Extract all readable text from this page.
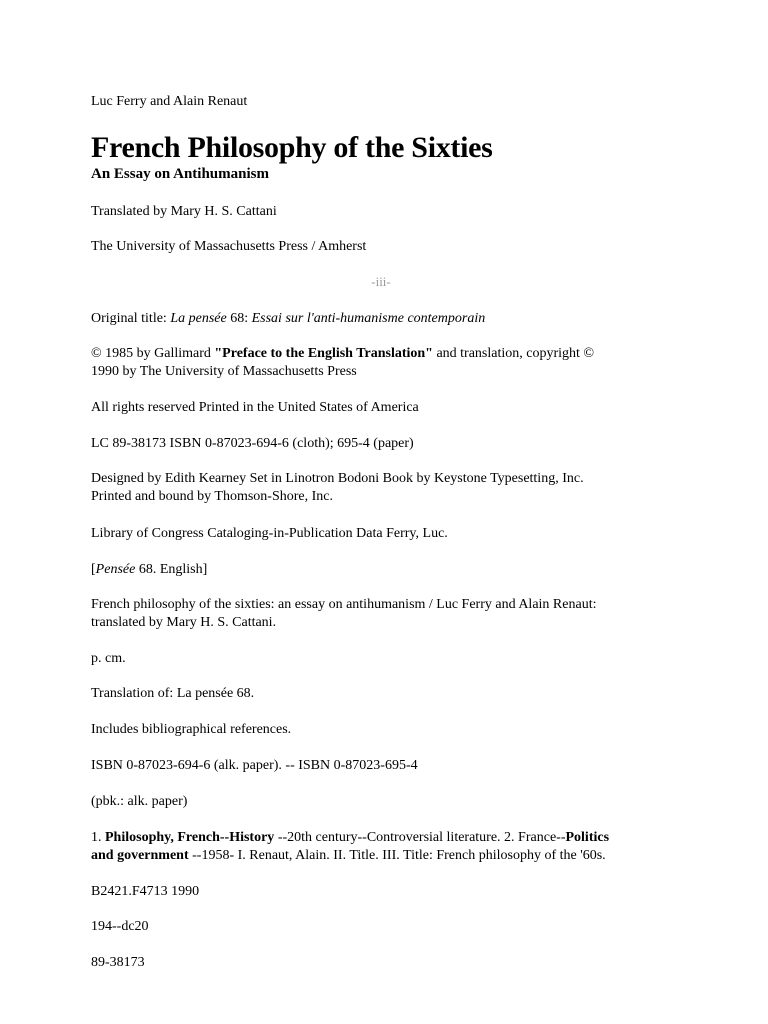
Luc Ferry and Alain Renaut
French Philosophy of the Sixties
An Essay on Antihumanism
Translated by Mary H. S. Cattani
The University of Massachusetts Press / Amherst
-iii-
Original title: La pensée 68: Essai sur l'anti-humanisme contemporain
© 1985 by Gallimard "Preface to the English Translation" and translation, copyright ©
1990 by The University of Massachusetts Press
All rights reserved Printed in the United States of America
LC 89-38173 ISBN 0-87023-694-6 (cloth); 695-4 (paper)
Designed by Edith Kearney Set in Linotron Bodoni Book by Keystone Typesetting, Inc.
Printed and bound by Thomson-Shore, Inc.
Library of Congress Cataloging-in-Publication Data Ferry, Luc.
[Pensée 68. English]
French philosophy of the sixties: an essay on antihumanism / Luc Ferry and Alain Renaut:
translated by Mary H. S. Cattani.
p. cm.
Translation of: La pensée 68.
Includes bibliographical references.
ISBN 0-87023-694-6 (alk. paper). -- ISBN 0-87023-695-4
(pbk.: alk. paper)
1. Philosophy, French--History --20th century--Controversial literature. 2. France--Politics
and government --1958- I. Renaut, Alain. II. Title. III. Title: French philosophy of the '60s.
B2421.F4713 1990
194--dc20
89-38173
